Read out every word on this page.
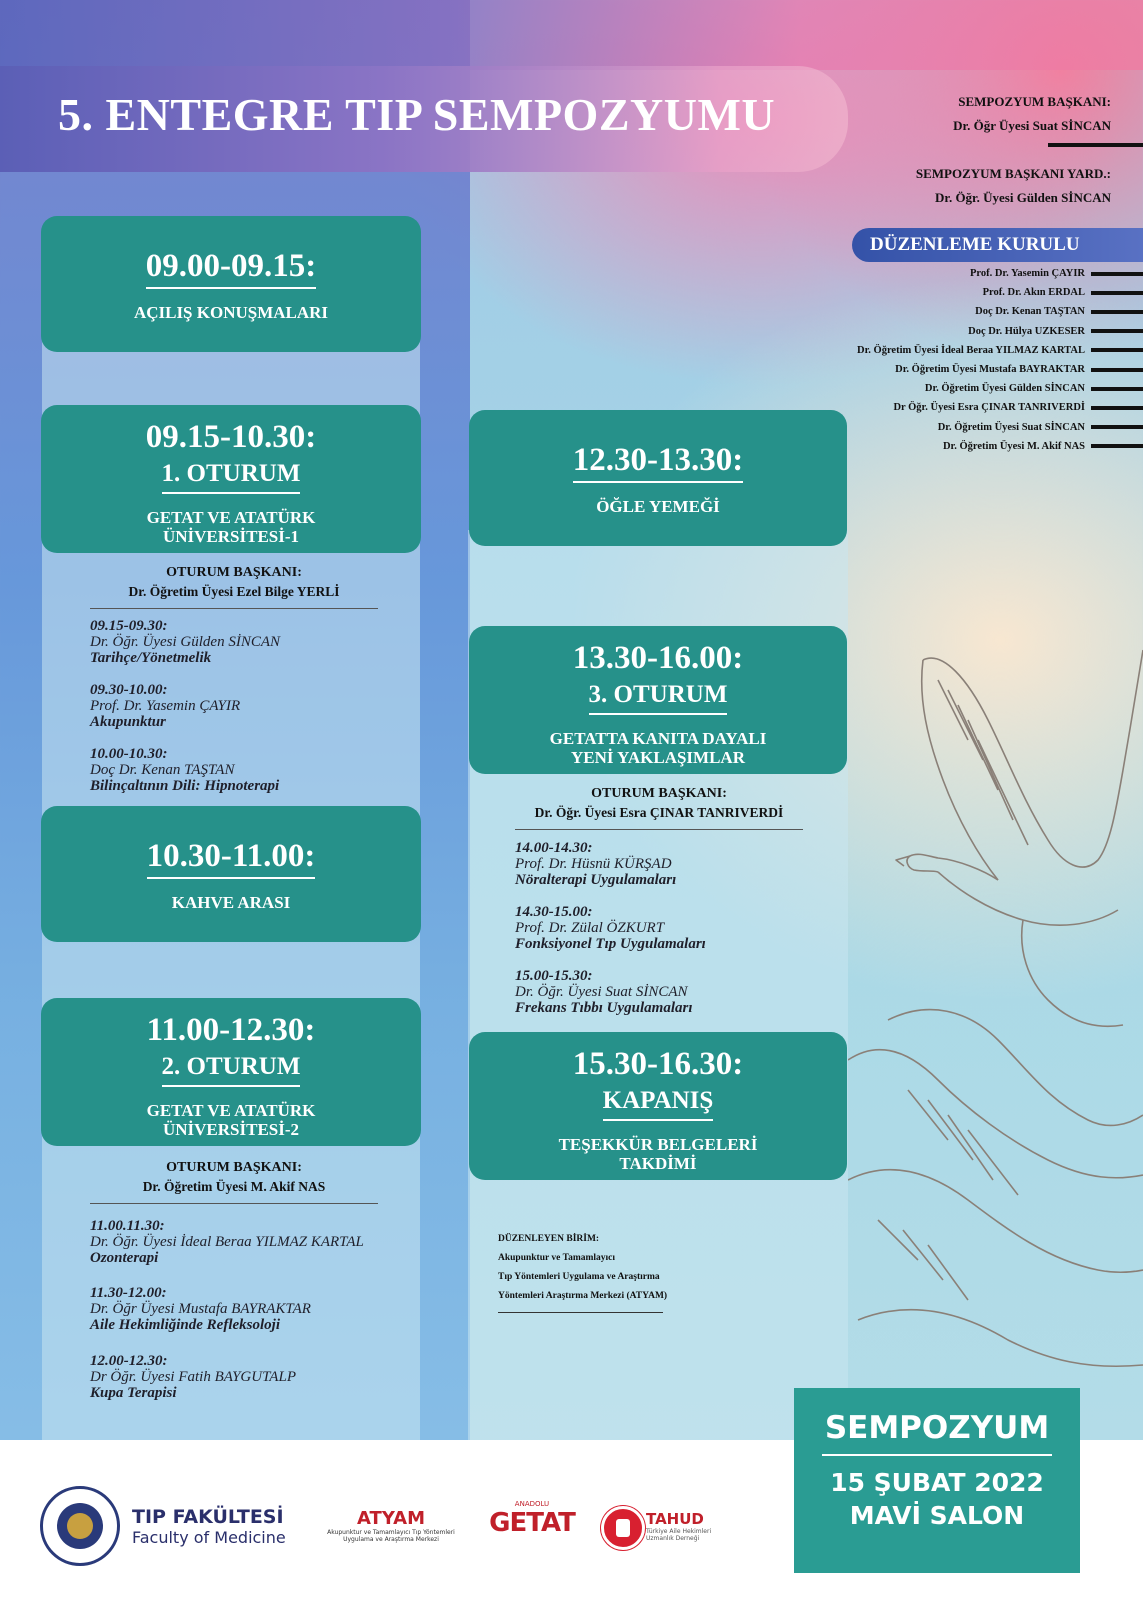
5. ENTEGRE TIP SEMPOZYUMU
09.00-09.15:
AÇILIŞ KONUŞMALARI
09.15-10.30:
1. OTURUM
GETAT VE ATATÜRK
ÜNİVERSİTESİ-1
OTURUM BAŞKANI:
Dr. Öğretim Üyesi Ezel Bilge YERLİ
09.15-09.30:
Dr. Öğr. Üyesi Gülden SİNCAN
Tarihçe/Yönetmelik
09.30-10.00:
Prof. Dr. Yasemin ÇAYIR
Akupunktur
10.00-10.30:
Doç Dr. Kenan TAŞTAN
Bilinçaltının Dili: Hipnoterapi
10.30-11.00:
KAHVE ARASI
11.00-12.30:
2. OTURUM
GETAT VE ATATÜRK
ÜNİVERSİTESİ-2
OTURUM BAŞKANI:
Dr. Öğretim Üyesi M. Akif NAS
11.00.11.30:
Dr. Öğr. Üyesi İdeal Beraa YILMAZ KARTAL
Ozonterapi
11.30-12.00:
Dr. Öğr Üyesi Mustafa BAYRAKTAR
Aile Hekimliğinde Refleksoloji
12.00-12.30:
Dr Öğr. Üyesi Fatih BAYGUTALP
Kupa Terapisi
12.30-13.30:
ÖĞLE YEMEĞİ
13.30-16.00:
3. OTURUM
GETATTA KANITA DAYALI
YENİ YAKLAŞIMLAR
OTURUM BAŞKANI:
Dr. Öğr. Üyesi Esra ÇINAR TANRIVERDİ
14.00-14.30:
Prof. Dr. Hüsnü KÜRŞAD
Nöralterapi Uygulamaları
14.30-15.00:
Prof. Dr. Zülal ÖZKURT
Fonksiyonel Tıp Uygulamaları
15.00-15.30:
Dr. Öğr. Üyesi Suat SİNCAN
Frekans Tıbbı Uygulamaları
15.30-16.30:
KAPANIŞ
TEŞEKKÜR BELGELERİ
TAKDİMİ
DÜZENLEYEN BİRİM:
Akupunktur ve Tamamlayıcı
Tıp Yöntemleri Uygulama ve Araştırma
Yöntemleri Araştırma Merkezi (ATYAM)
SEMPOZYUM BAŞKANI:
Dr. Öğr Üyesi Suat SİNCAN
SEMPOZYUM BAŞKANI YARD.:
Dr. Öğr. Üyesi Gülden SİNCAN
DÜZENLEME KURULU
Prof. Dr. Yasemin ÇAYIR
Prof. Dr. Akın ERDAL
Doç Dr. Kenan TAŞTAN
Doç Dr. Hülya UZKESER
Dr. Öğretim Üyesi İdeal Beraa YILMAZ KARTAL
Dr. Öğretim Üyesi Mustafa BAYRAKTAR
Dr. Öğretim Üyesi Gülden SİNCAN
Dr Öğr. Üyesi Esra ÇINAR TANRIVERDİ
Dr. Öğretim Üyesi Suat SİNCAN
Dr. Öğretim Üyesi M. Akif NAS
TIP FAKÜLTESİ
Faculty of Medicine
ATYAM
Akupunktur ve Tamamlayıcı Tıp Yöntemleri
Uygulama ve Araştırma Merkezi
ANADOLU
GETAT	TAHUD
Türkiye Aile Hekimleri
Uzmanlık Derneği
SEMPOZYUM
15 ŞUBAT 2022
MAVİ SALON
